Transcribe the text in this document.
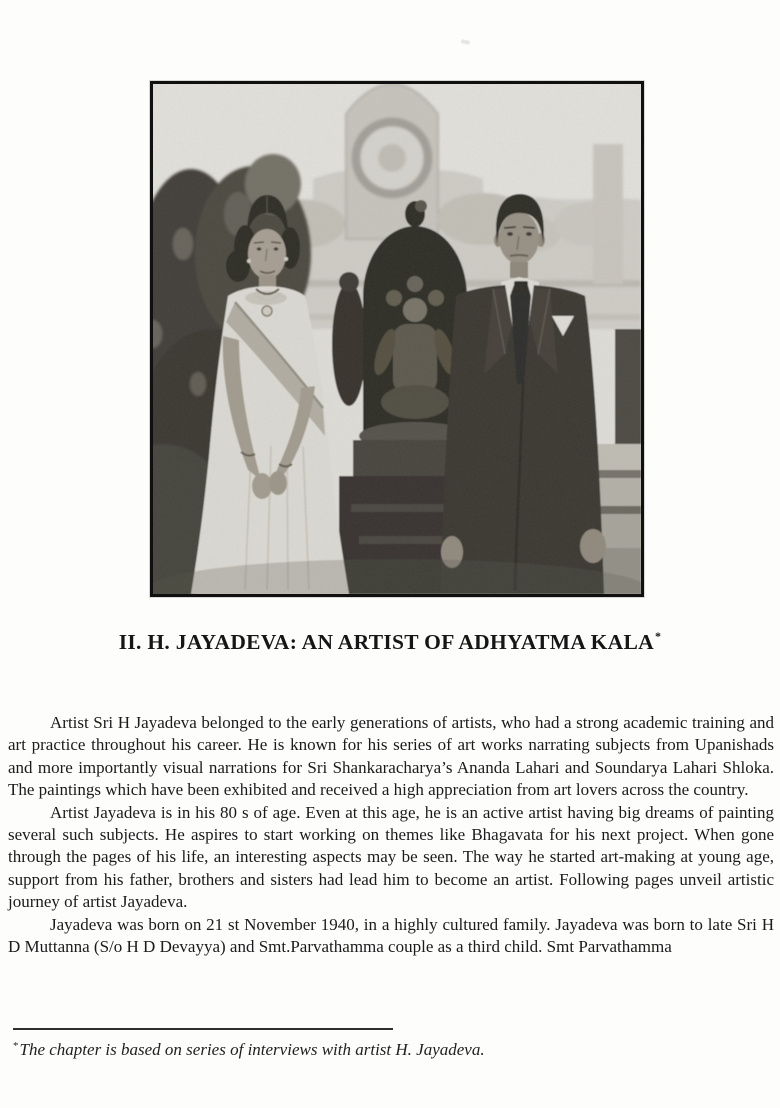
II. H. JAYADEVA: AN ARTIST OF ADHYATMA KALA*

Artist Sri H Jayadeva belonged to the early generations of artists, who had a strong academic training and art practice throughout his career. He is known for his series of art works narrating subjects from Upanishads and more importantly visual narrations for Sri Shankaracharya’s Ananda Lahari and Soundarya Lahari Shloka. The paintings which have been exhibited and received a high appreciation from art lovers across the country.

Artist Jayadeva is in his 80 s of age. Even at this age, he is an active artist having big dreams of painting several such subjects. He aspires to start working on themes like Bhagavata for his next project. When gone through the pages of his life, an interesting aspects may be seen. The way he started art-making at young age, support from his father, brothers and sisters had lead him to become an artist. Following pages unveil artistic journey of artist Jayadeva.

Jayadeva was born on 21 st November 1940, in a highly cultured family. Jayadeva was born to late Sri H D Muttanna (S/o H D Devayya) and Smt.Parvathamma couple as a third child. Smt Parvathamma

*The chapter is based on series of interviews with artist H. Jayadeva.
